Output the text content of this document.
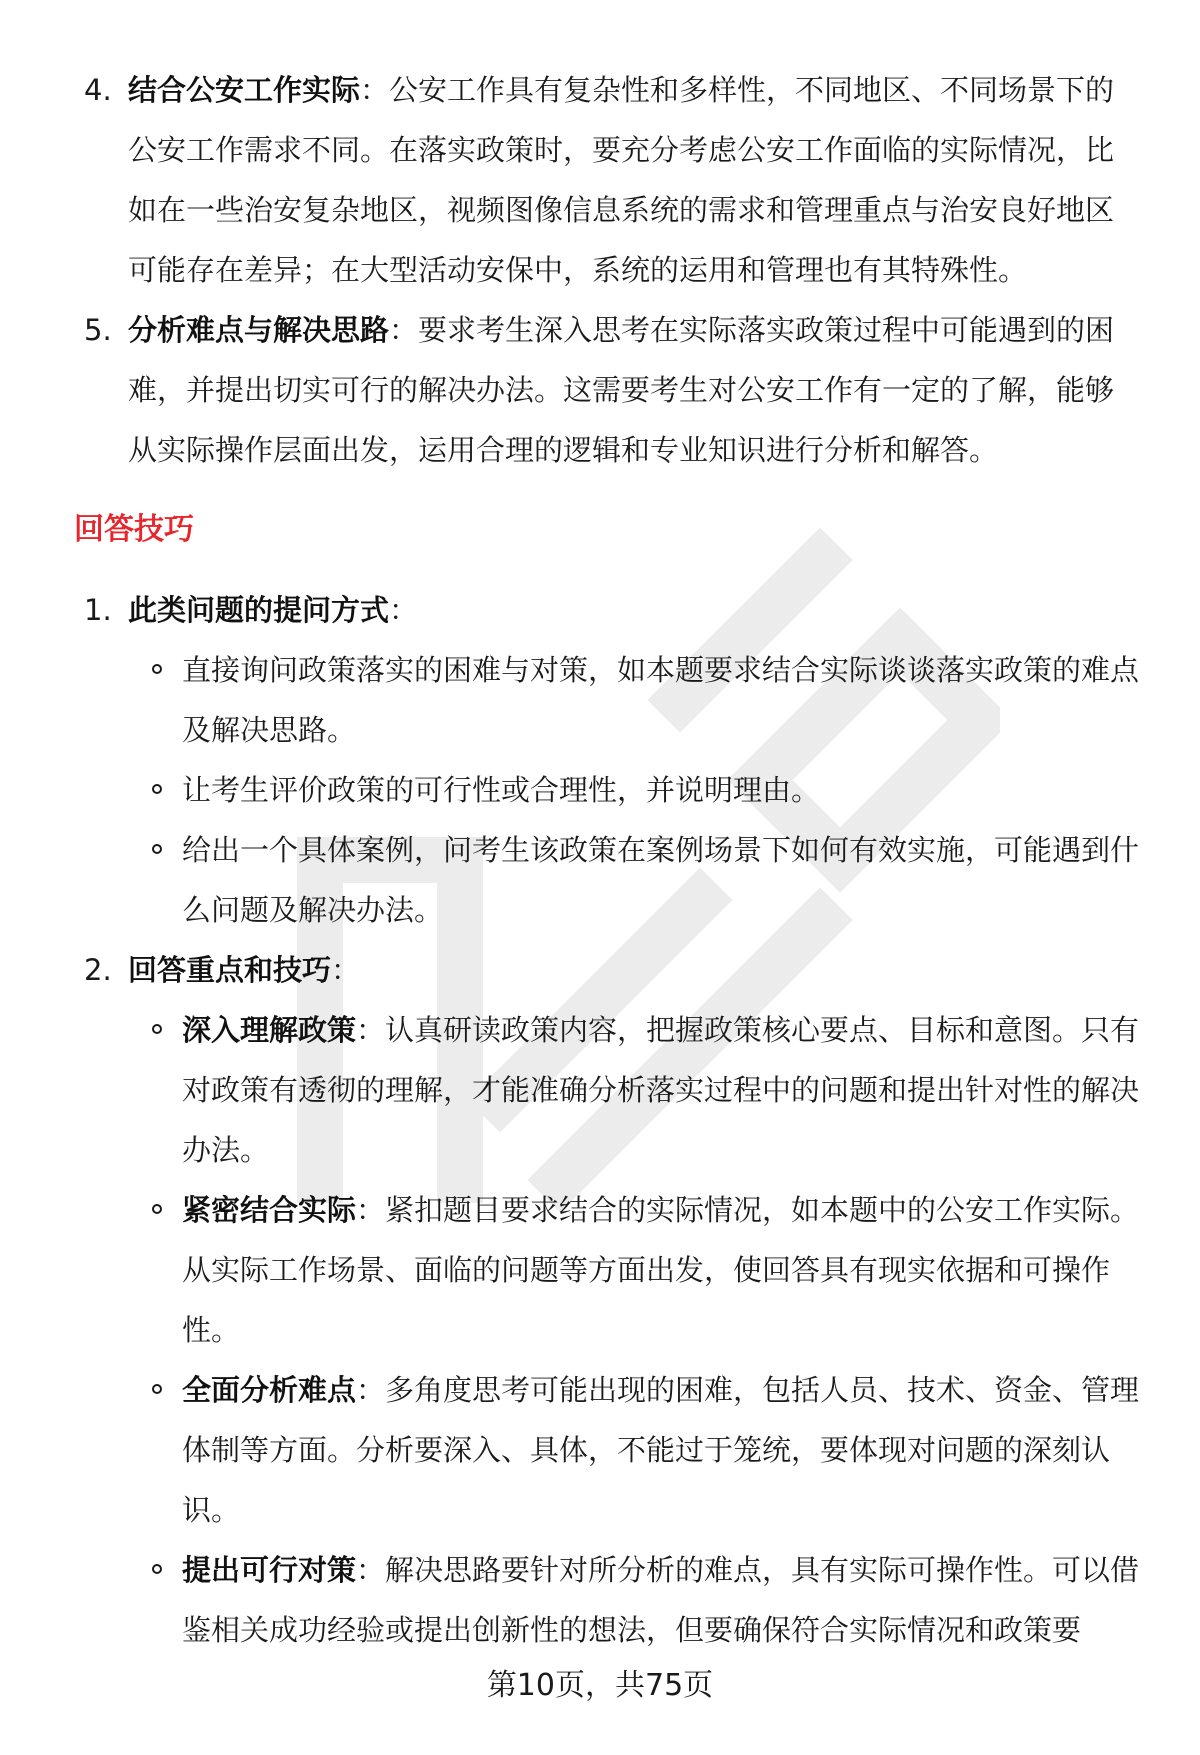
4. 结合公安工作实际：公安工作具有复杂性和多样性，不同地区、不同场景下的公安工作需求不同。在落实政策时，要充分考虑公安工作面临的实际情况，比如在一些治安复杂地区，视频图像信息系统的需求和管理重点与治安良好地区可能存在差异；在大型活动安保中，系统的运用和管理也有其特殊性。
5. 分析难点与解决思路：要求考生深入思考在实际落实政策过程中可能遇到的困难，并提出切实可行的解决办法。这需要考生对公安工作有一定的了解，能够从实际操作层面出发，运用合理的逻辑和专业知识进行分析和解答。
回答技巧
1. 此类问题的提问方式：
直接询问政策落实的困难与对策，如本题要求结合实际谈谈落实政策的难点及解决思路。
让考生评价政策的可行性或合理性，并说明理由。
给出一个具体案例，问考生该政策在案例场景下如何有效实施，可能遇到什么问题及解决办法。
2. 回答重点和技巧：
深入理解政策：认真研读政策内容，把握政策核心要点、目标和意图。只有对政策有透彻的理解，才能准确分析落实过程中的问题和提出针对性的解决办法。
紧密结合实际：紧扣题目要求结合的实际情况，如本题中的公安工作实际。从实际工作场景、面临的问题等方面出发，使回答具有现实依据和可操作性。
全面分析难点：多角度思考可能出现的困难，包括人员、技术、资金、管理体制等方面。分析要深入、具体，不能过于笼统，要体现对问题的深刻认识。
提出可行对策：解决思路要针对所分析的难点，具有实际可操作性。可以借鉴相关成功经验或提出创新性的想法，但要确保符合实际情况和政策要
第10页，共75页
